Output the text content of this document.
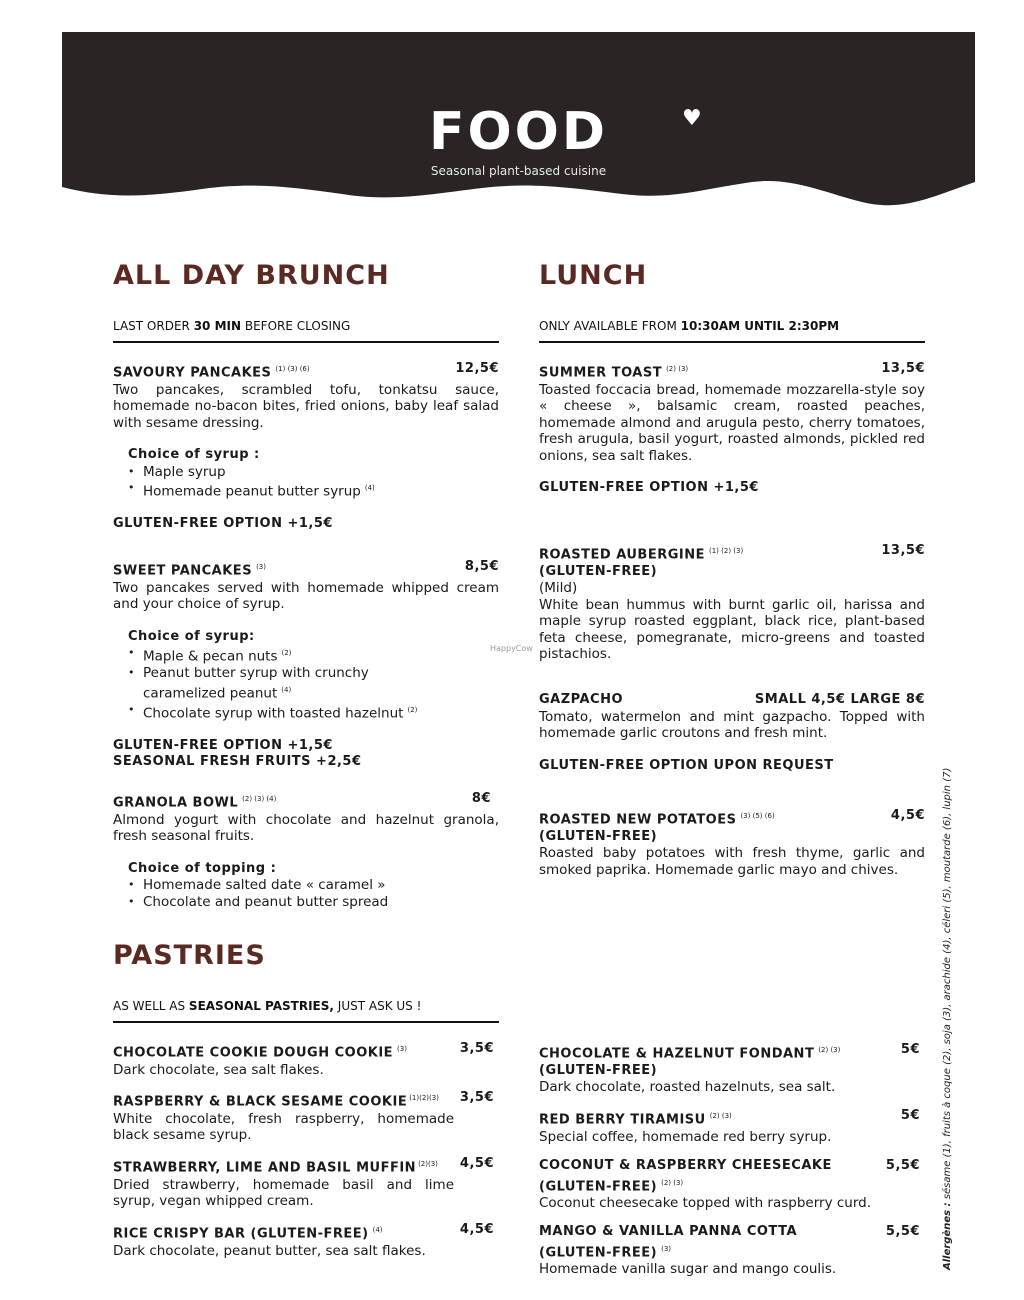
FOOD	♥
Seasonal plant-based cuisine
ALL DAY BRUNCH
LAST ORDER 30 MIN BEFORE CLOSING
LUNCH
ONLY AVAILABLE FROM 10:30AM UNTIL 2:30PM
SAVOURY PANCAKES $^{(1) (3) (6)}$	12,5€
Two pancakes, scrambled tofu, tonkatsu sauce, homemade no-bacon bites, fried onions, baby leaf salad with sesame dressing.
Choice of syrup :
• Maple syrup
• Homemade peanut butter syrup $^{(4)}$
GLUTEN-FREE OPTION +1,5€
SWEET PANCAKES $^{(3)}$	8,5€
Two pancakes served with homemade whipped cream and your choice of syrup.
Choice of syrup:
• Maple & pecan nuts $^{(2)}$
• Peanut butter syrup with crunchy caramelized peanut $^{(4)}$
• Chocolate syrup with toasted hazelnut $^{(2)}$
GLUTEN-FREE OPTION +1,5€
SEASONAL FRESH FRUITS +2,5€
GRANOLA BOWL $^{(2) (3) (4)}$	8€
Almond yogurt with chocolate and hazelnut granola, fresh seasonal fruits.
Choice of topping :
• Homemade salted date « caramel »
• Chocolate and peanut butter spread
SUMMER TOAST $^{(2) (3)}$	13,5€
Toasted foccacia bread, homemade mozzarella-style soy « cheese », balsamic cream, roasted peaches, homemade almond and arugula pesto, cherry tomatoes, fresh arugula, basil yogurt, roasted almonds, pickled red onions, sea salt flakes.
GLUTEN-FREE OPTION +1,5€
ROASTED AUBERGINE $^{(1) (2) (3)}$	13,5€
(GLUTEN-FREE)
(Mild)
White bean hummus with burnt garlic oil, harissa and maple syrup roasted eggplant, black rice, plant-based feta cheese, pomegranate, micro-greens and toasted pistachios.
GAZPACHO	SMALL 4,5€ LARGE 8€
Tomato, watermelon and mint gazpacho. Topped with homemade garlic croutons and fresh mint.
GLUTEN-FREE OPTION UPON REQUEST
ROASTED NEW POTATOES $^{(3) (5) (6)}$	4,5€
(GLUTEN-FREE)
Roasted baby potatoes with fresh thyme, garlic and smoked paprika. Homemade garlic mayo and chives.
PASTRIES
AS WELL AS SEASONAL PASTRIES, JUST ASK US !
CHOCOLATE COOKIE DOUGH COOKIE $^{(3)}$	3,5€
Dark chocolate, sea salt flakes.
RASPBERRY & BLACK SESAME COOKIE $^{(1)(2)(3)}$ 3,5€
White chocolate, fresh raspberry, homemade black sesame syrup.
STRAWBERRY, LIME AND BASIL MUFFIN $^{(2)(3)}$ 4,5€
Dried strawberry, homemade basil and lime syrup, vegan whipped cream.
RICE CRISPY BAR (GLUTEN-FREE) $^{(4)}$	4,5€
Dark chocolate, peanut butter, sea salt flakes.
CHOCOLATE & HAZELNUT FONDANT $^{(2) (3)}$	5€
(GLUTEN-FREE)
Dark chocolate, roasted hazelnuts, sea salt.
RED BERRY TIRAMISU $^{(2) (3)}$	5€
Special coffee, homemade red berry syrup.
COCONUT & RASPBERRY CHEESECAKE	5,5€
(GLUTEN-FREE) $^{(2) (3)}$
Coconut cheesecake topped with raspberry curd.
MANGO & VANILLA PANNA COTTA	5,5€
(GLUTEN-FREE) $^{(3)}$
Homemade vanilla sugar and mango coulis.
HappyCow
Allergènes : sésame (1), fruits à coque (2), soja (3), arachide (4), céleri (5), moutarde (6), lupin (7)
